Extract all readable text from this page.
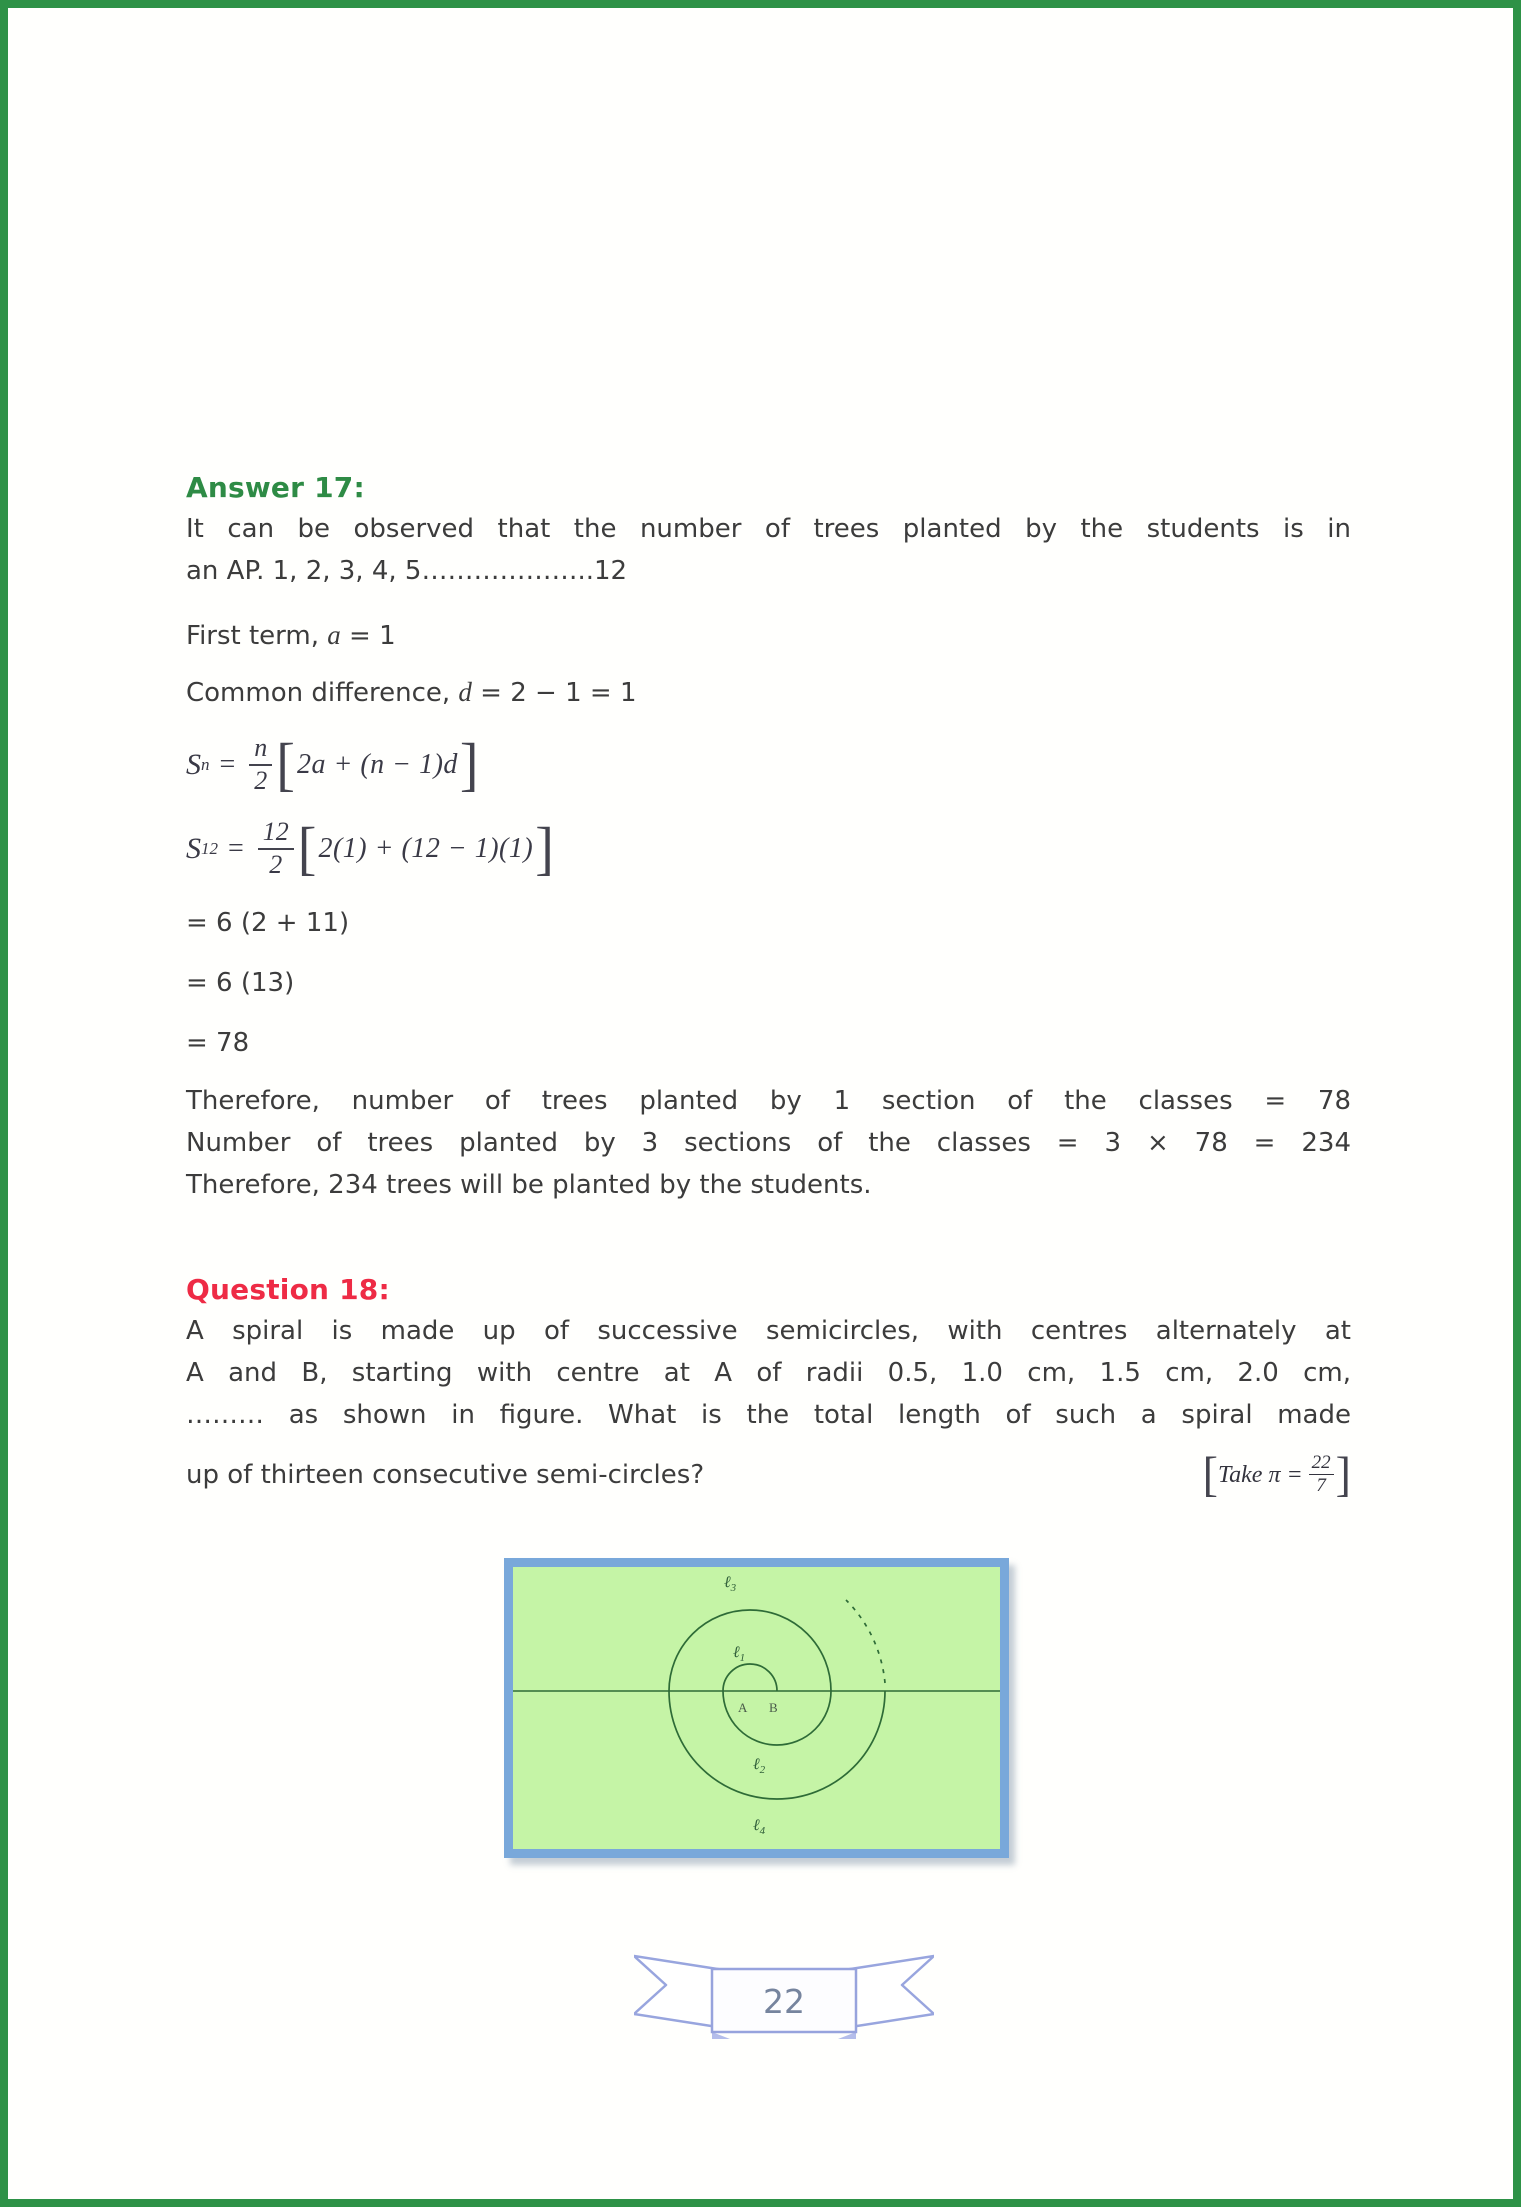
Answer 17:
It can be observed that the number of trees planted by the students is in
an AP. 1, 2, 3, 4, 5………………..12
First term, a = 1
Common difference, d = 2 − 1 = 1
S $n = \frac{n}{2}$ [ 2a + (n − 1)d ]
S $12 = \frac{12}{2}$ [ 2(1) + (12 − 1)(1) ]
= 6 (2 + 11)
= 6 (13)
= 78
Therefore, number of trees planted by 1 section of the classes = 78
Number of trees planted by 3 sections of the classes = 3 × 78 = 234
Therefore, 234 trees will be planted by the students.
Question 18:
A spiral is made up of successive semicircles, with centres alternately at
A and B, starting with centre at A of radii 0.5, 1.0 cm, 1.5 cm, 2.0 cm,
……… as shown in figure. What is the total length of such a spiral made
up of thirteen consecutive semi-circles?	[ Take $\pi = \frac{22}{7}$ ]
ℓ$_3$
ℓ$_1$
A B
ℓ$_2$
ℓ$_4$
22
